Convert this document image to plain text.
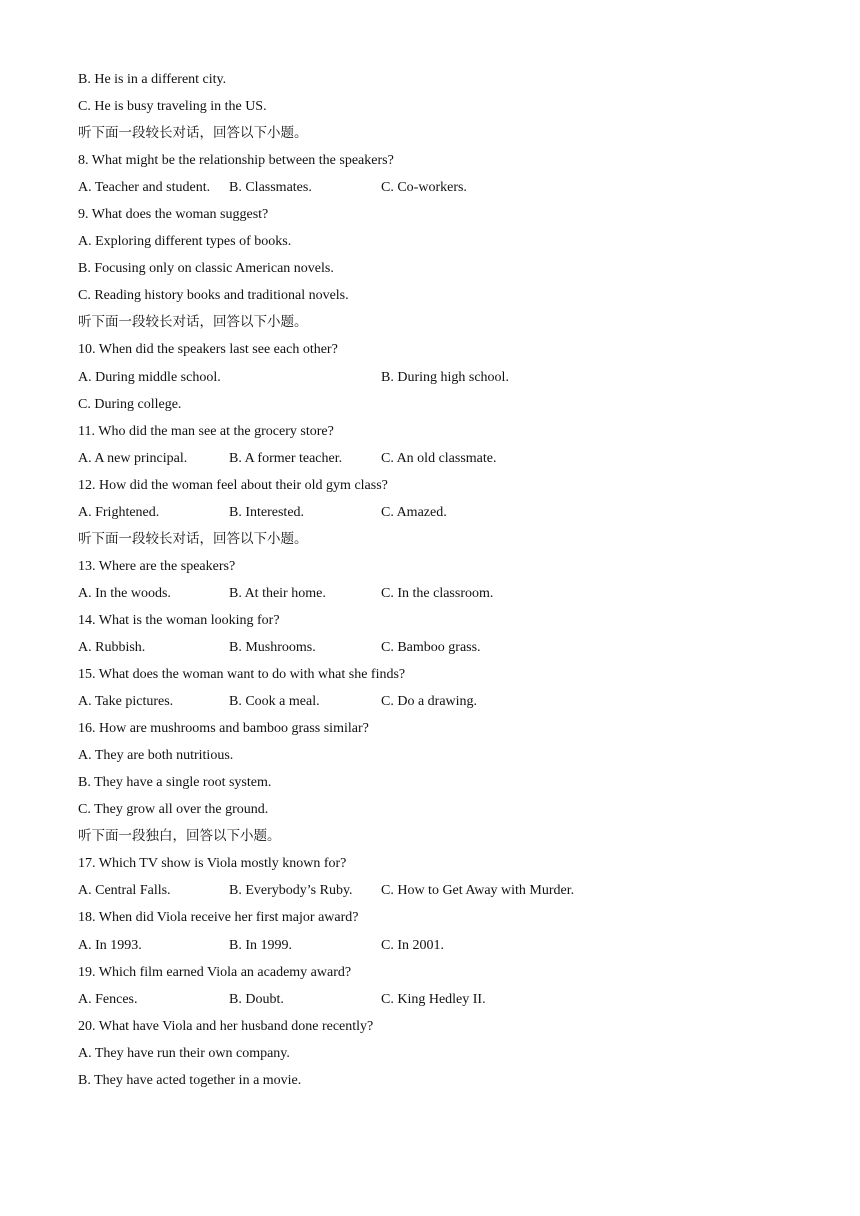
B. He is in a different city.
C. He is busy traveling in the US.
听下面一段较长对话，回答以下小题。
8. What might be the relationship between the speakers?
A. Teacher and student. B. Classmates.	C. Co-workers.
9. What does the woman suggest?
A. Exploring different types of books.
B. Focusing only on classic American novels.
C. Reading history books and traditional novels.
听下面一段较长对话，回答以下小题。
10. When did the speakers last see each other?
A. During middle school.	B. During high school.
C. During college.
11. Who did the man see at the grocery store?
A. A new principal.	B. A former teacher.	C. An old classmate.
12. How did the woman feel about their old gym class?
A. Frightened.	B. Interested.	C. Amazed.
听下面一段较长对话，回答以下小题。
13. Where are the speakers?
A. In the woods.	B. At their home.	C. In the classroom.
14. What is the woman looking for?
A. Rubbish.	B. Mushrooms.	C. Bamboo grass.
15. What does the woman want to do with what she finds?
A. Take pictures.	B. Cook a meal.	C. Do a drawing.
16. How are mushrooms and bamboo grass similar?
A. They are both nutritious.
B. They have a single root system.
C. They grow all over the ground.
听下面一段独白，回答以下小题。
17. Which TV show is Viola mostly known for?
A. Central Falls.	B. Everybody’s Ruby. C. How to Get Away with Murder.
18. When did Viola receive her first major award?
A. In 1993.	B. In 1999.	C. In 2001.
19. Which film earned Viola an academy award?
A. Fences.	B. Doubt.	C. King Hedley II.
20. What have Viola and her husband done recently?
A. They have run their own company.
B. They have acted together in a movie.
